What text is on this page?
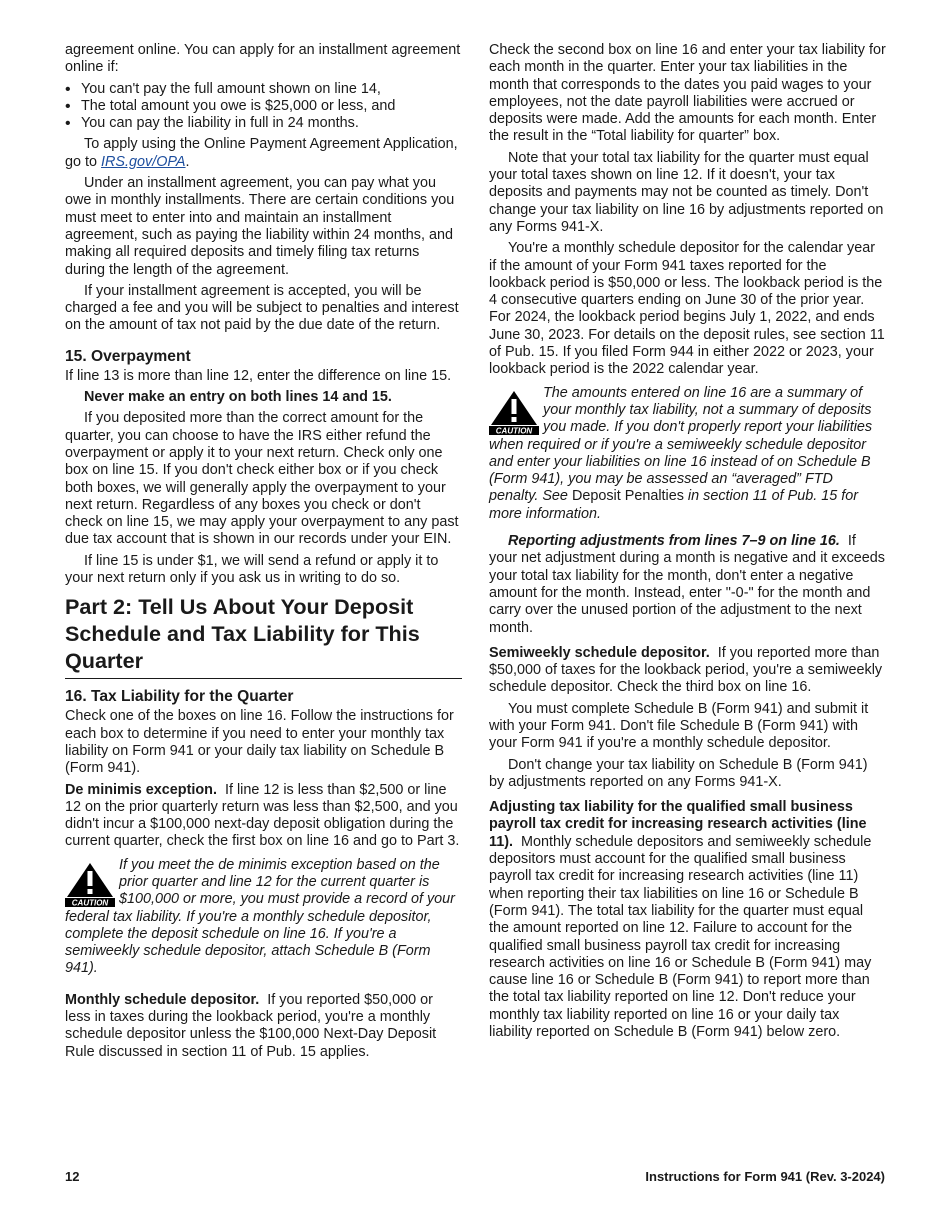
agreement online. You can apply for an installment agreement online if:

• You can't pay the full amount shown on line 14,
• The total amount you owe is $25,000 or less, and
• You can pay the liability in full in 24 months.

To apply using the Online Payment Agreement Application, go to IRS.gov/OPA.

Under an installment agreement, you can pay what you owe in monthly installments. There are certain conditions you must meet to enter into and maintain an installment agreement, such as paying the liability within 24 months, and making all required deposits and timely filing tax returns during the length of the agreement.

If your installment agreement is accepted, you will be charged a fee and you will be subject to penalties and interest on the amount of tax not paid by the due date of the return.

15. Overpayment

If line 13 is more than line 12, enter the difference on line 15.

Never make an entry on both lines 14 and 15.

If you deposited more than the correct amount for the quarter, you can choose to have the IRS either refund the overpayment or apply it to your next return. Check only one box on line 15. If you don't check either box or if you check both boxes, we will generally apply the overpayment to your next return. Regardless of any boxes you check or don't check on line 15, we may apply your overpayment to any past due tax account that is shown in our records under your EIN.

If line 15 is under $1, we will send a refund or apply it to your next return only if you ask us in writing to do so.

Part 2: Tell Us About Your Deposit Schedule and Tax Liability for This Quarter
16. Tax Liability for the Quarter

Check one of the boxes on line 16. Follow the instructions for each box to determine if you need to enter your monthly tax liability on Form 941 or your daily tax liability on Schedule B (Form 941).

De minimis exception. If line 12 is less than $2,500 or line 12 on the prior quarterly return was less than $2,500, and you didn't incur a $100,000 next-day deposit obligation during the current quarter, check the first box on line 16 and go to Part 3.

CAUTION
If you meet the de minimis exception based on the prior quarter and line 12 for the current quarter is $100,000 or more, you must provide a record of your federal tax liability. If you're a monthly schedule depositor, complete the deposit schedule on line 16. If you're a semiweekly schedule depositor, attach Schedule B (Form 941).

Monthly schedule depositor. If you reported $50,000 or less in taxes during the lookback period, you're a monthly schedule depositor unless the $100,000 Next-Day Deposit Rule discussed in section 11 of Pub. 15 applies.

Check the second box on line 16 and enter your tax liability for each month in the quarter. Enter your tax liabilities in the month that corresponds to the dates you paid wages to your employees, not the date payroll liabilities were accrued or deposits were made. Add the amounts for each month. Enter the result in the “Total liability for quarter” box.

Note that your total tax liability for the quarter must equal your total taxes shown on line 12. If it doesn't, your tax deposits and payments may not be counted as timely. Don't change your tax liability on line 16 by adjustments reported on any Forms 941-X.

You're a monthly schedule depositor for the calendar year if the amount of your Form 941 taxes reported for the lookback period is $50,000 or less. The lookback period is the 4 consecutive quarters ending on June 30 of the prior year. For 2024, the lookback period begins July 1, 2022, and ends June 30, 2023. For details on the deposit rules, see section 11 of Pub. 15. If you filed Form 944 in either 2022 or 2023, your lookback period is the 2022 calendar year.

CAUTION
The amounts entered on line 16 are a summary of your monthly tax liability, not a summary of deposits you made. If you don't properly report your liabilities when required or if you're a semiweekly schedule depositor and enter your liabilities on line 16 instead of on Schedule B (Form 941), you may be assessed an “averaged” FTD penalty. See Deposit Penalties in section 11 of Pub. 15 for more information.

Reporting adjustments from lines 7–9 on line 16. If your net adjustment during a month is negative and it exceeds your total tax liability for the month, don't enter a negative amount for the month. Instead, enter "-0-" for the month and carry over the unused portion of the adjustment to the next month.

Semiweekly schedule depositor. If you reported more than $50,000 of taxes for the lookback period, you're a semiweekly schedule depositor. Check the third box on line 16.

You must complete Schedule B (Form 941) and submit it with your Form 941. Don't file Schedule B (Form 941) with your Form 941 if you're a monthly schedule depositor.

Don't change your tax liability on Schedule B (Form 941) by adjustments reported on any Forms 941-X.

Adjusting tax liability for the qualified small business payroll tax credit for increasing research activities (line 11). Monthly schedule depositors and semiweekly schedule depositors must account for the qualified small business payroll tax credit for increasing research activities (line 11) when reporting their tax liabilities on line 16 or Schedule B (Form 941). The total tax liability for the quarter must equal the amount reported on line 12. Failure to account for the qualified small business payroll tax credit for increasing research activities on line 16 or Schedule B (Form 941) may cause line 16 or Schedule B (Form 941) to report more than the total tax liability reported on line 12. Don't reduce your monthly tax liability reported on line 16 or your daily tax liability reported on Schedule B (Form 941) below zero.

12	Instructions for Form 941 (Rev. 3-2024)
